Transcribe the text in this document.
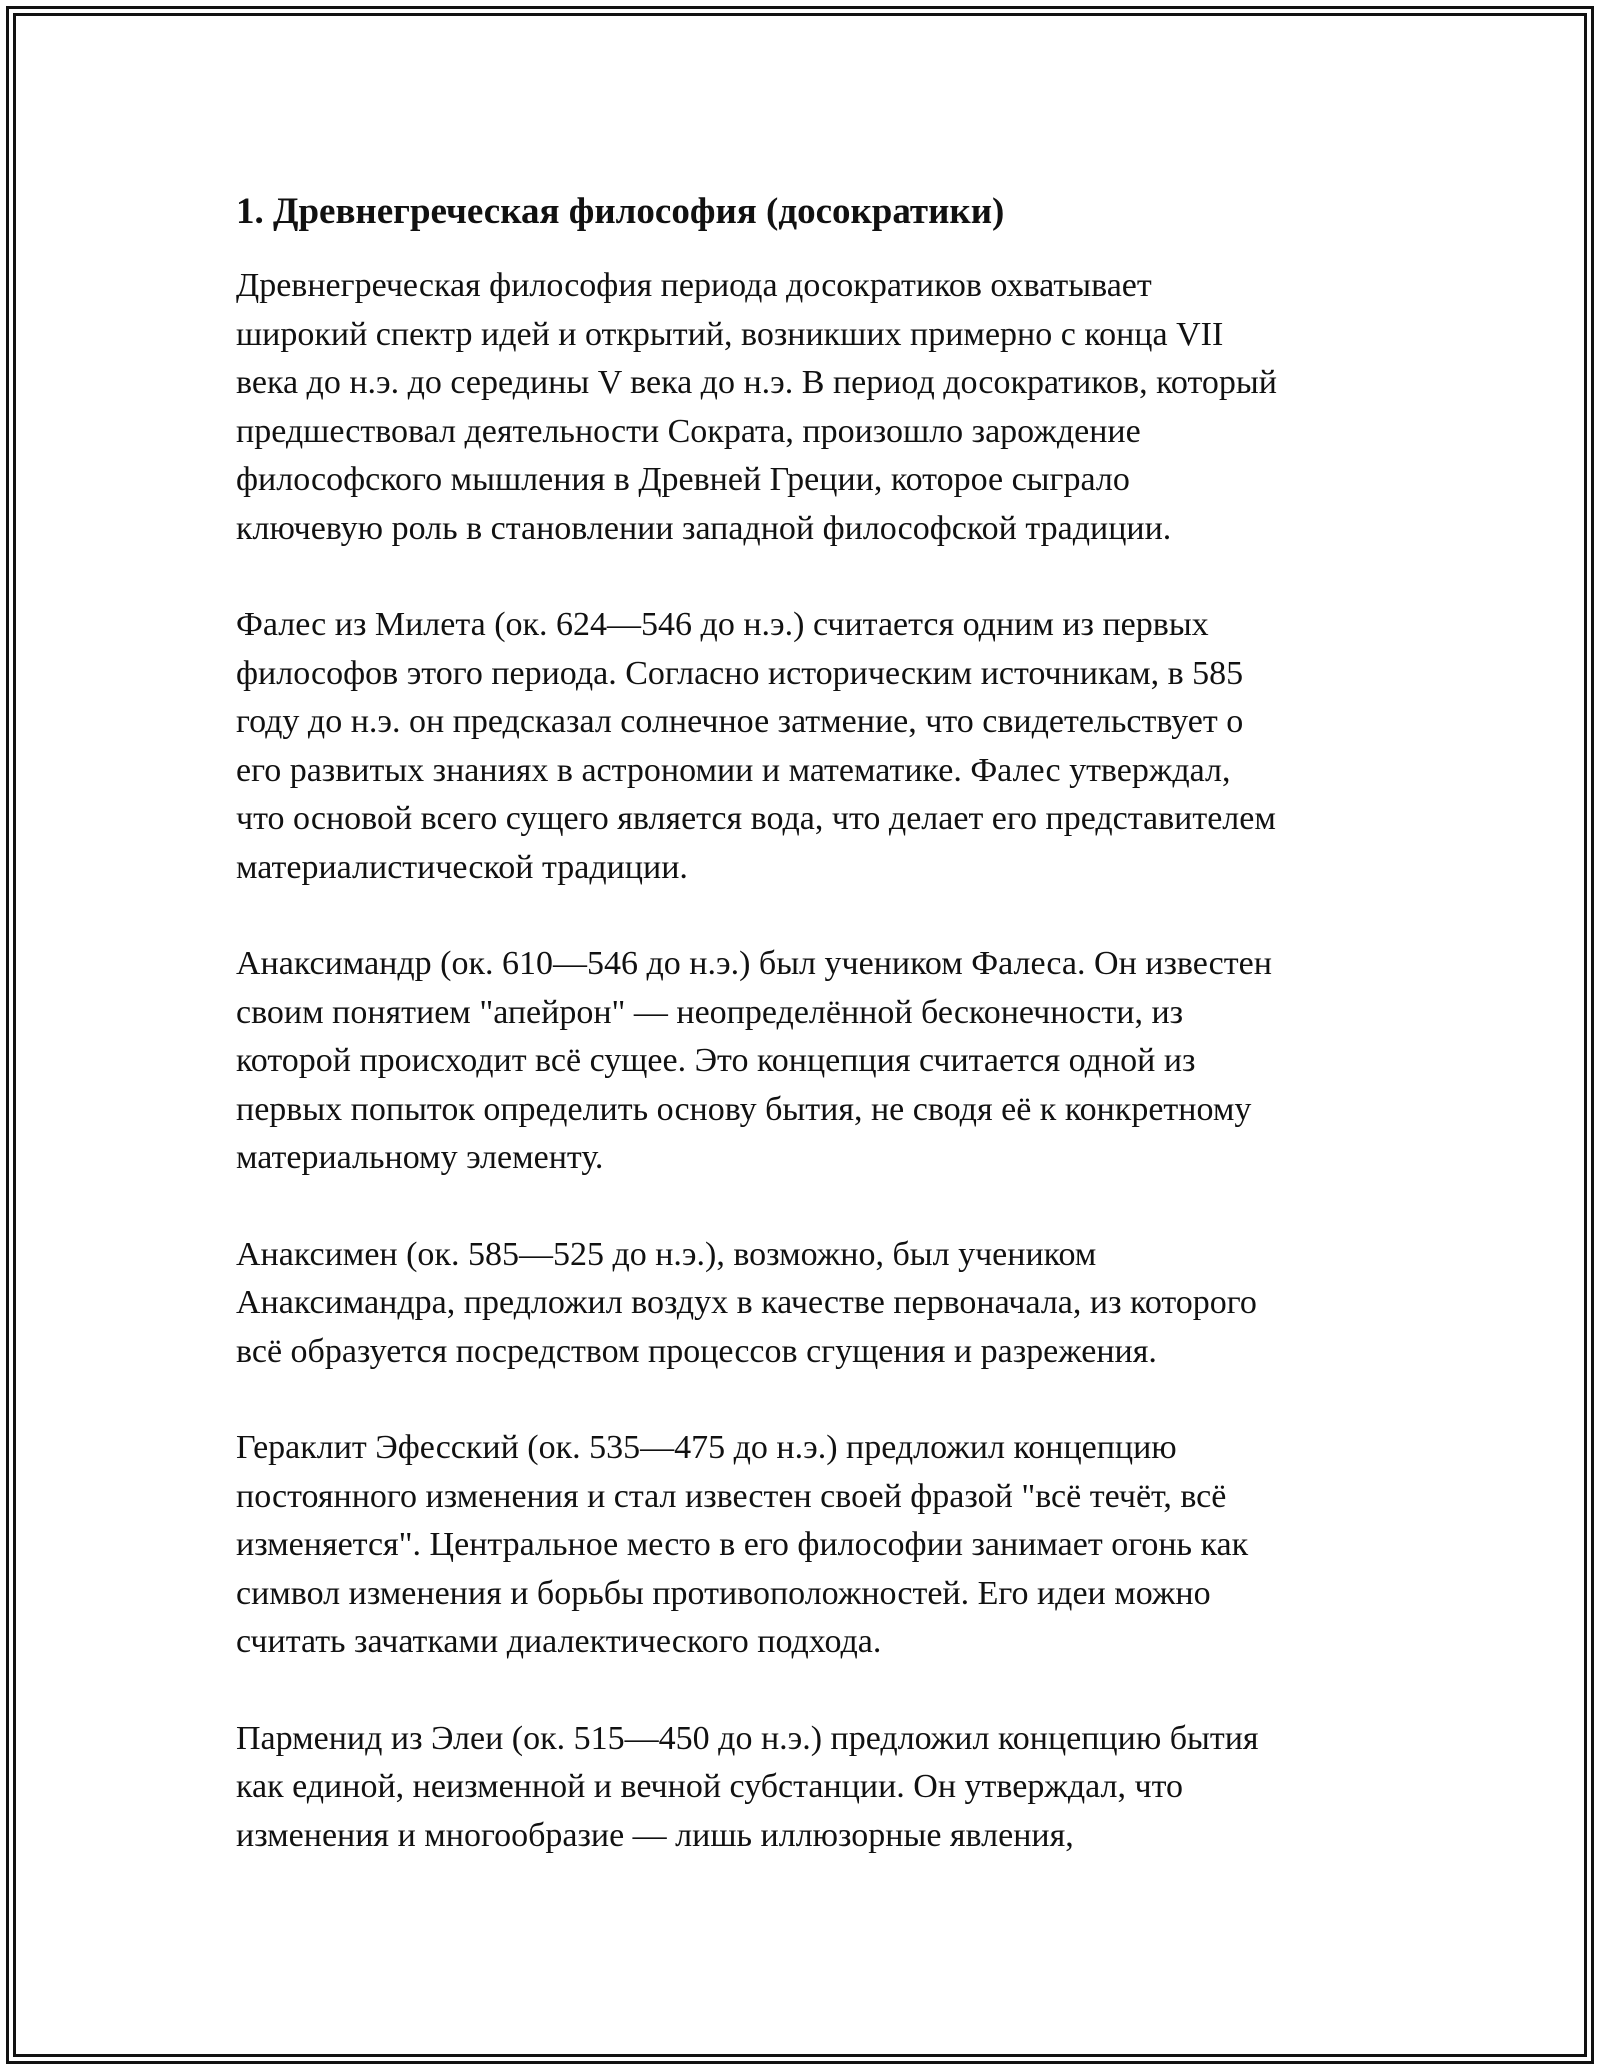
1. Древнегреческая философия (досократики)

Древнегреческая философия периода досократиков охватывает
широкий спектр идей и открытий, возникших примерно с конца VII
века до н.э. до середины V века до н.э. В период досократиков, который
предшествовал деятельности Сократа, произошло зарождение
философского мышления в Древней Греции, которое сыграло
ключевую роль в становлении западной философской традиции.

Фалес из Милета (ок. 624—546 до н.э.) считается одним из первых
философов этого периода. Согласно историческим источникам, в 585
году до н.э. он предсказал солнечное затмение, что свидетельствует о
его развитых знаниях в астрономии и математике. Фалес утверждал,
что основой всего сущего является вода, что делает его представителем
материалистической традиции.

Анаксимандр (ок. 610—546 до н.э.) был учеником Фалеса. Он известен
своим понятием "апейрон" — неопределённой бесконечности, из
которой происходит всё сущее. Это концепция считается одной из
первых попыток определить основу бытия, не сводя её к конкретному
материальному элементу.

Анаксимен (ок. 585—525 до н.э.), возможно, был учеником
Анаксимандра, предложил воздух в качестве первоначала, из которого
всё образуется посредством процессов сгущения и разрежения.

Гераклит Эфесский (ок. 535—475 до н.э.) предложил концепцию
постоянного изменения и стал известен своей фразой "всё течёт, всё
изменяется". Центральное место в его философии занимает огонь как
символ изменения и борьбы противоположностей. Его идеи можно
считать зачатками диалектического подхода.

Парменид из Элеи (ок. 515—450 до н.э.) предложил концепцию бытия
как единой, неизменной и вечной субстанции. Он утверждал, что
изменения и многообразие — лишь иллюзорные явления,
